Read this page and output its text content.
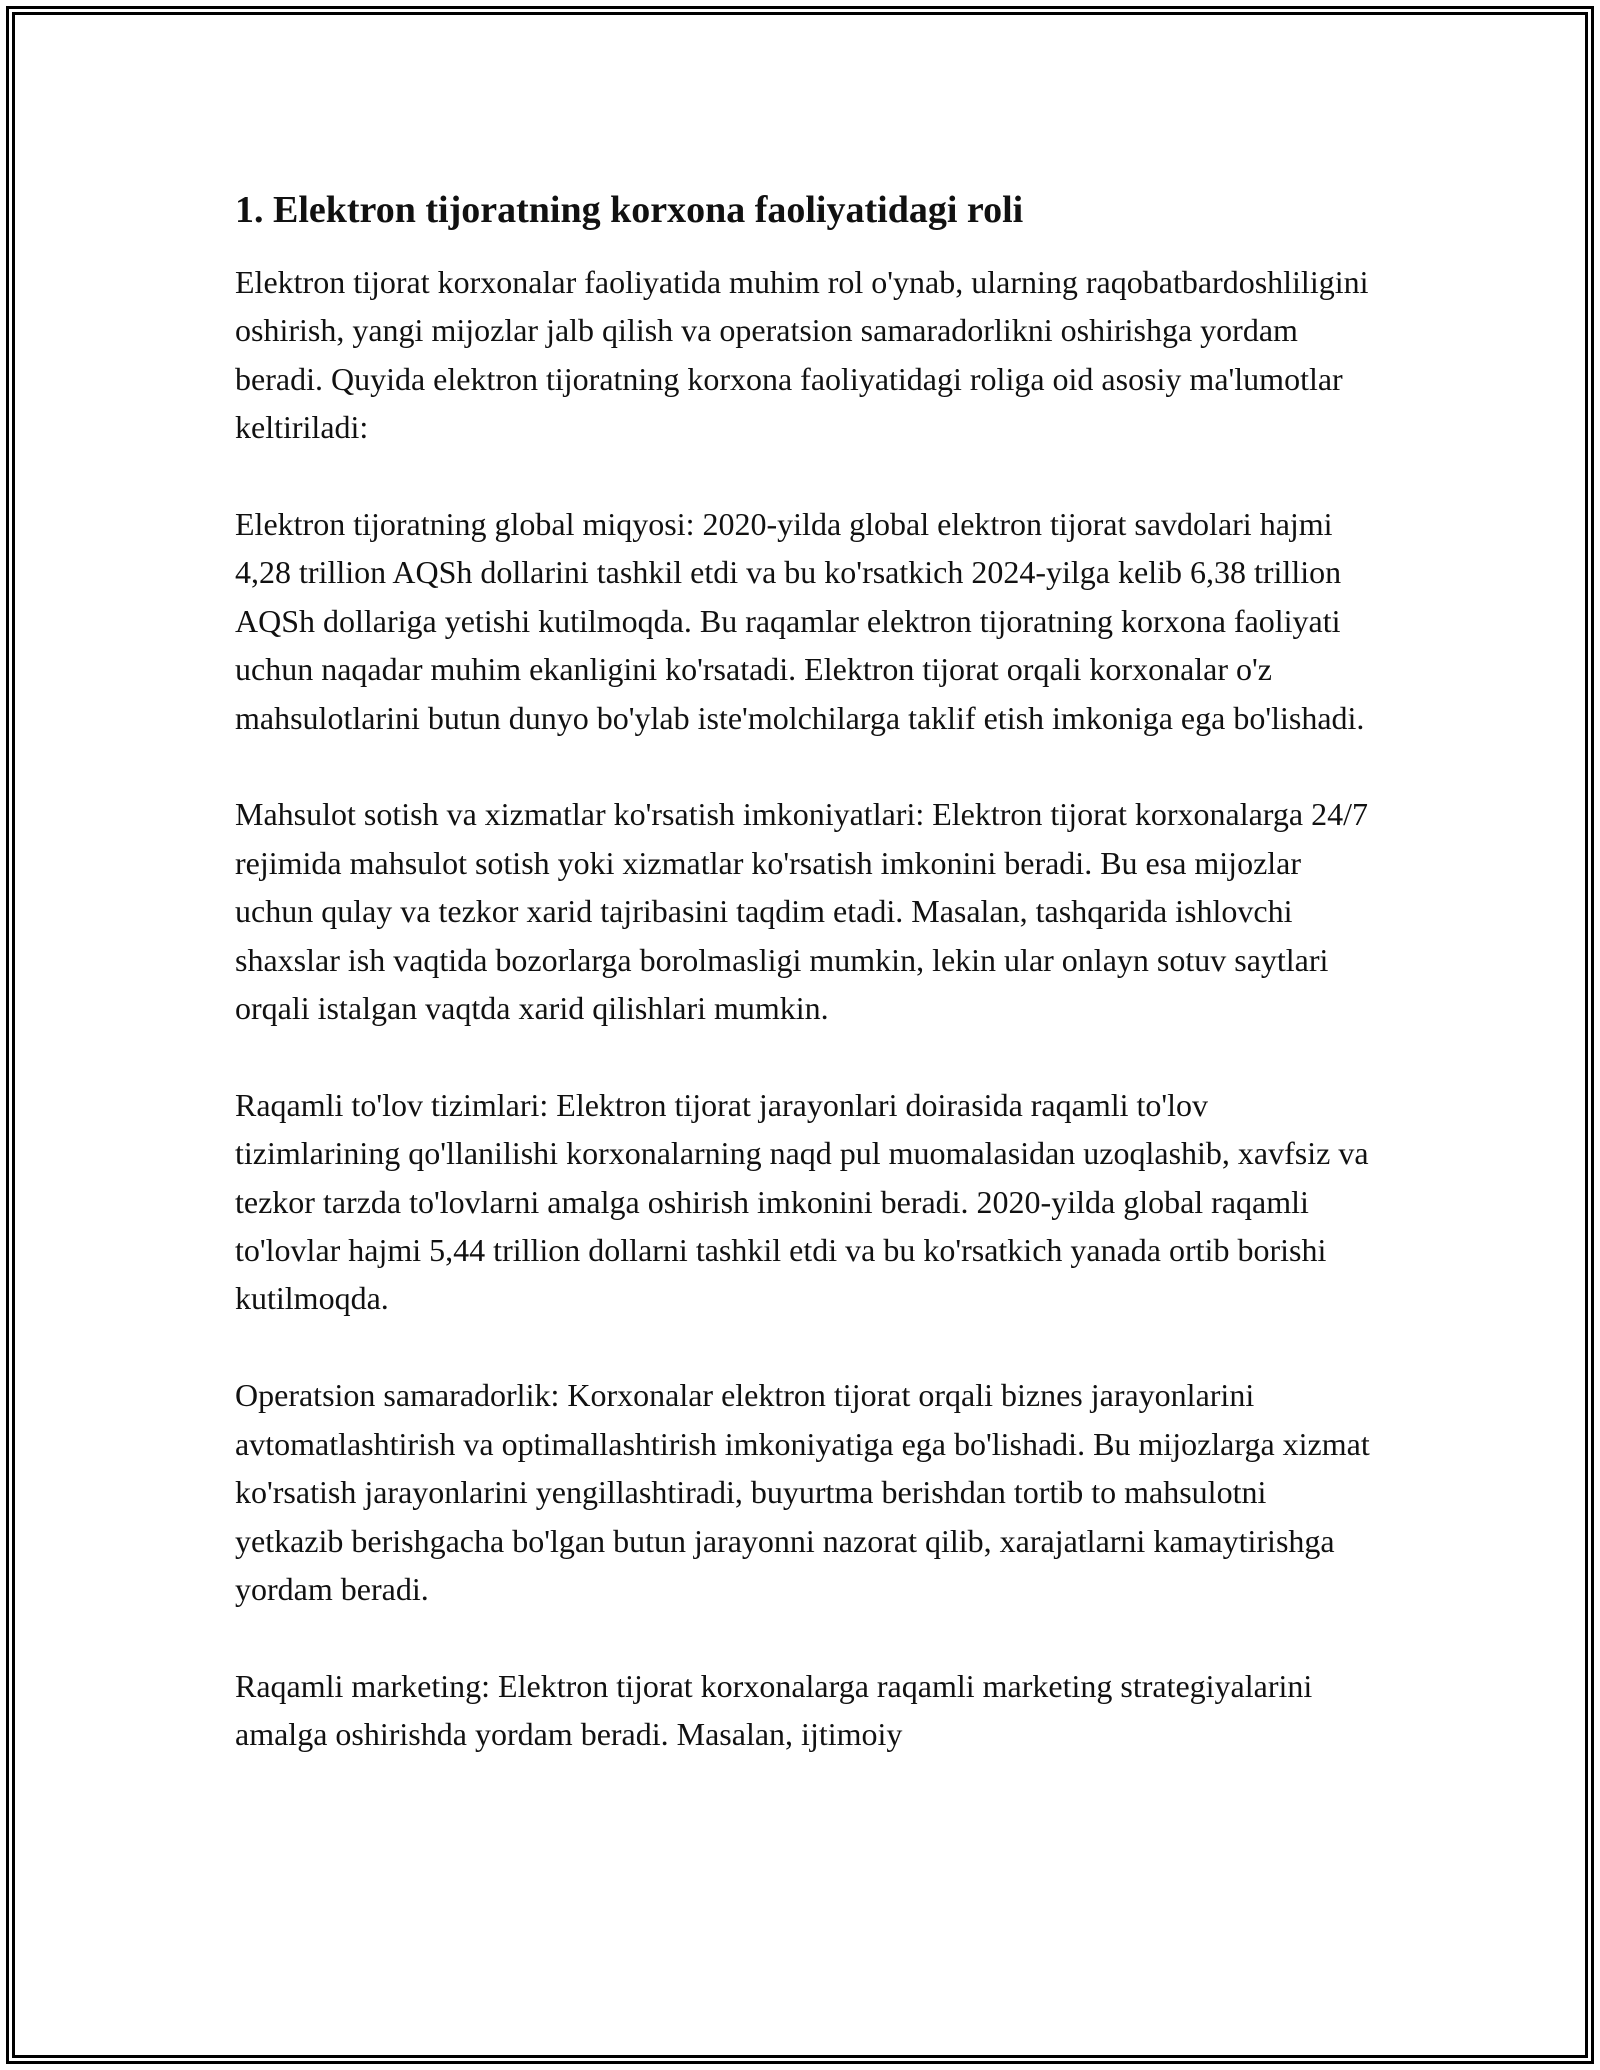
1. Elektron tijoratning korxona faoliyatidagi roli

Elektron tijorat korxonalar faoliyatida muhim rol o'ynab, ularning raqobatbardoshliligini oshirish, yangi mijozlar jalb qilish va operatsion samaradorlikni oshirishga yordam beradi. Quyida elektron tijoratning korxona faoliyatidagi roliga oid asosiy ma'lumotlar keltiriladi:

Elektron tijoratning global miqyosi: 2020-yilda global elektron tijorat savdolari hajmi 4,28 trillion AQSh dollarini tashkil etdi va bu ko'rsatkich 2024-yilga kelib 6,38 trillion AQSh dollariga yetishi kutilmoqda. Bu raqamlar elektron tijoratning korxona faoliyati uchun naqadar muhim ekanligini ko'rsatadi. Elektron tijorat orqali korxonalar o'z mahsulotlarini butun dunyo bo'ylab iste'molchilarga taklif etish imkoniga ega bo'lishadi.

Mahsulot sotish va xizmatlar ko'rsatish imkoniyatlari: Elektron tijorat korxonalarga 24/7 rejimida mahsulot sotish yoki xizmatlar ko'rsatish imkonini beradi. Bu esa mijozlar uchun qulay va tezkor xarid tajribasini taqdim etadi. Masalan, tashqarida ishlovchi shaxslar ish vaqtida bozorlarga borolmasligi mumkin, lekin ular onlayn sotuv saytlari orqali istalgan vaqtda xarid qilishlari mumkin.

Raqamli to'lov tizimlari: Elektron tijorat jarayonlari doirasida raqamli to'lov tizimlarining qo'llanilishi korxonalarning naqd pul muomalasidan uzoqlashib, xavfsiz va tezkor tarzda to'lovlarni amalga oshirish imkonini beradi. 2020-yilda global raqamli to'lovlar hajmi 5,44 trillion dollarni tashkil etdi va bu ko'rsatkich yanada ortib borishi kutilmoqda.

Operatsion samaradorlik: Korxonalar elektron tijorat orqali biznes jarayonlarini avtomatlashtirish va optimallashtirish imkoniyatiga ega bo'lishadi. Bu mijozlarga xizmat ko'rsatish jarayonlarini yengillashtiradi, buyurtma berishdan tortib to mahsulotni yetkazib berishgacha bo'lgan butun jarayonni nazorat qilib, xarajatlarni kamaytirishga yordam beradi.

Raqamli marketing: Elektron tijorat korxonalarga raqamli marketing strategiyalarini amalga oshirishda yordam beradi. Masalan, ijtimoiy
